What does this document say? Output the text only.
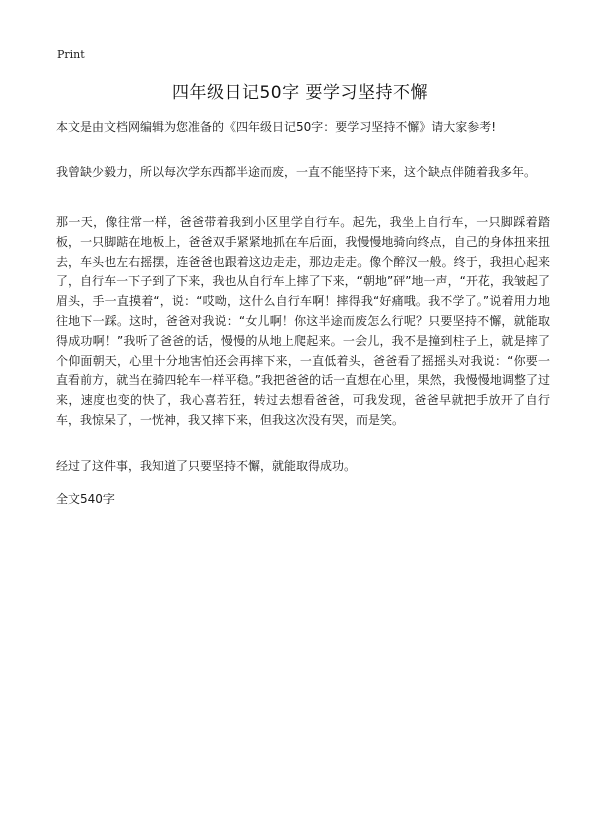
Print
四年级日记50字 要学习坚持不懈
本文是由文档网编辑为您准备的《四年级日记50字：要学习坚持不懈》请大家参考!
我曾缺少毅力，所以每次学东西都半途而废，一直不能坚持下来，这个缺点伴随着我多年。
那一天，像往常一样，爸爸带着我到小区里学自行车。起先，我坐上自行车，一只脚踩着踏板，一只脚踮在地板上，爸爸双手紧紧地抓在车后面，我慢慢地骑向终点，自己的身体扭来扭去，车头也左右摇摆，连爸爸也跟着这边走走，那边走走。像个醉汉一般。终于，我担心起来了，自行车一下子到了下来，我也从自行车上摔了下来，“朝地”砰”地一声，“开花，我皱起了眉头，手一直摸着“，说：“哎呦，这什么自行车啊！摔得我“好痛哦。我不学了。”说着用力地往地下一踩。这时，爸爸对我说：“女儿啊！你这半途而废怎么行呢？只要坚持不懈，就能取得成功啊！”我听了爸爸的话，慢慢的从地上爬起来。一会儿，我不是撞到柱子上，就是摔了个仰面朝天，心里十分地害怕还会再摔下来，一直低着头，爸爸看了摇摇头对我说：“你要一直看前方，就当在骑四轮车一样平稳。”我把爸爸的话一直想在心里，果然，我慢慢地调整了过来，速度也变的快了，我心喜若狂，转过去想看爸爸，可我发现，爸爸早就把手放开了自行车，我惊呆了，一恍神，我又摔下来，但我这次没有哭，而是笑。
经过了这件事，我知道了只要坚持不懈，就能取得成功。
全文540字
